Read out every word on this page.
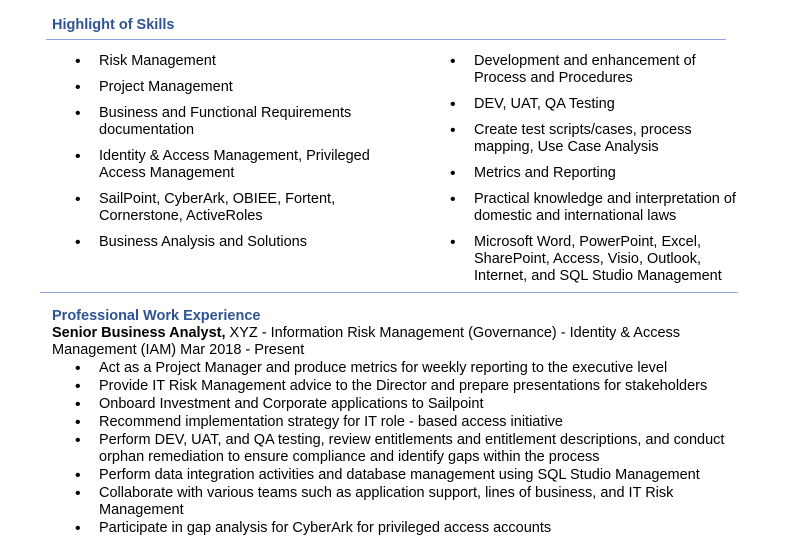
Highlight of Skills
• Risk Management
• Project Management
• Business and Functional Requirements documentation
• Identity & Access Management, Privileged Access Management
• SailPoint, CyberArk, OBIEE, Fortent, Cornerstone, ActiveRoles
• Business Analysis and Solutions
• Development and enhancement of Process and Procedures
• DEV, UAT, QA Testing
• Create test scripts/cases, process mapping, Use Case Analysis
• Metrics and Reporting
• Practical knowledge and interpretation of domestic and international laws
• Microsoft Word, PowerPoint, Excel, SharePoint, Access, Visio, Outlook, Internet, and SQL Studio Management
Professional Work Experience
Senior Business Analyst, XYZ - Information Risk Management (Governance) - Identity & Access Management (IAM) Mar 2018 - Present
• Act as a Project Manager and produce metrics for weekly reporting to the executive level
• Provide IT Risk Management advice to the Director and prepare presentations for stakeholders
• Onboard Investment and Corporate applications to Sailpoint
• Recommend implementation strategy for IT role - based access initiative
• Perform DEV, UAT, and QA testing, review entitlements and entitlement descriptions, and conduct orphan remediation to ensure compliance and identify gaps within the process
• Perform data integration activities and database management using SQL Studio Management
• Collaborate with various teams such as application support, lines of business, and IT Risk Management
• Participate in gap analysis for CyberArk for privileged access accounts
